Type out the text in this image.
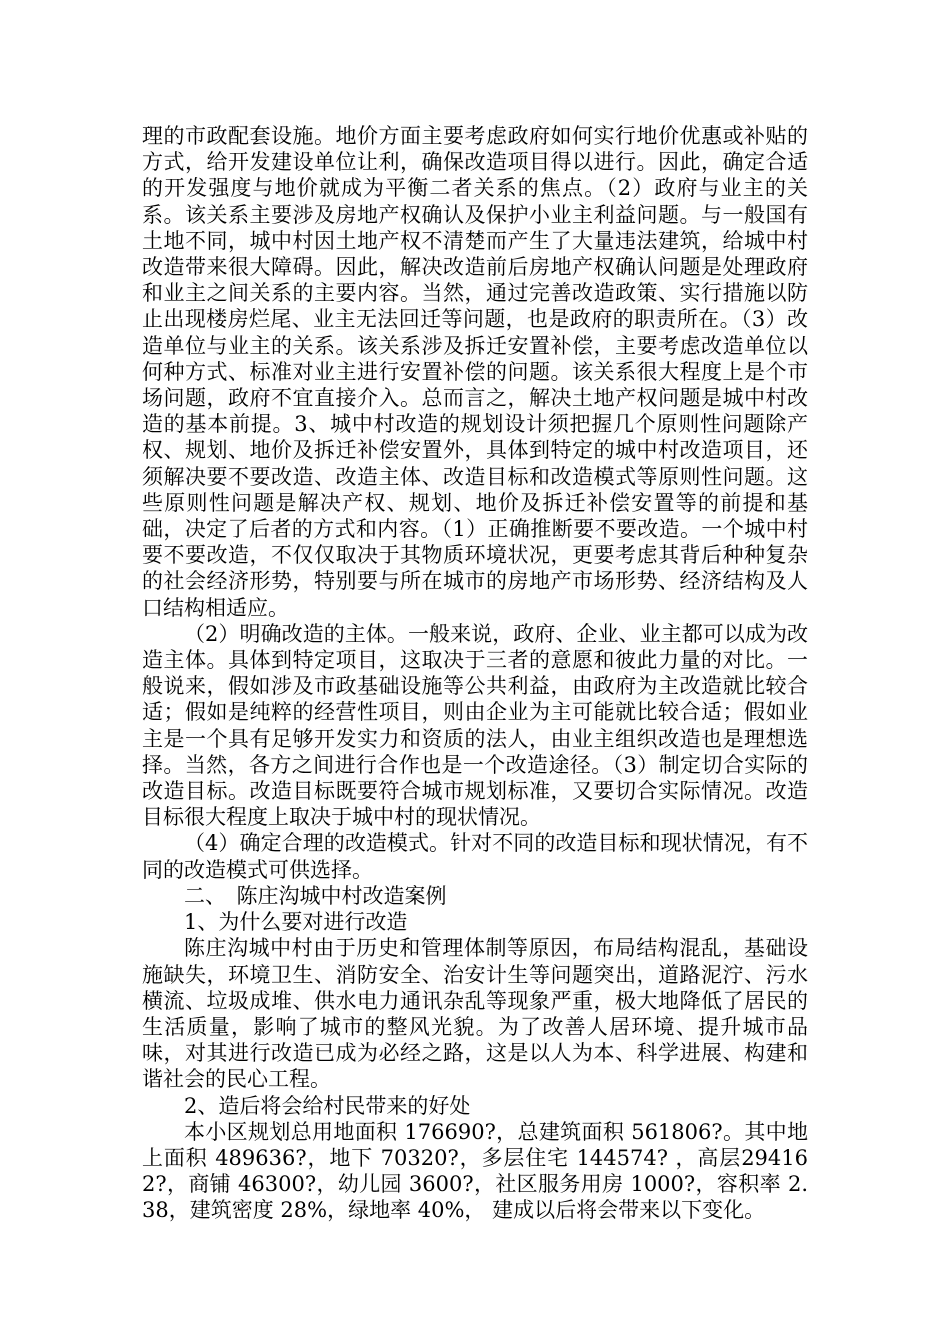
理的市政配套设施。地价方面主要考虑政府如何实行地价优惠或补贴的方式，给开发建设单位让利，确保改造项目得以进行。因此，确定合适的开发强度与地价就成为平衡二者关系的焦点。（2）政府与业主的关系。该关系主要涉及房地产权确认及保护小业主利益问题。与一般国有土地不同，城中村因土地产权不清楚而产生了大量违法建筑，给城中村改造带来很大障碍。因此，解决改造前后房地产权确认问题是处理政府和业主之间关系的主要内容。当然，通过完善改造政策、实行措施以防止出现楼房烂尾、业主无法回迁等问题，也是政府的职责所在。（3）改造单位与业主的关系。该关系涉及拆迁安置补偿，主要考虑改造单位以何种方式、标准对业主进行安置补偿的问题。该关系很大程度上是个市场问题，政府不宜直接介入。总而言之，解决土地产权问题是城中村改造的基本前提。3、城中村改造的规划设计须把握几个原则性问题除产权、规划、地价及拆迁补偿安置外，具体到特定的城中村改造项目，还须解决要不要改造、改造主体、改造目标和改造模式等原则性问题。这些原则性问题是解决产权、规划、地价及拆迁补偿安置等的前提和基础，决定了后者的方式和内容。（1）正确推断要不要改造。一个城中村要不要改造，不仅仅取决于其物质环境状况，更要考虑其背后种种复杂的社会经济形势，特别要与所在城市的房地产市场形势、经济结构及人口结构相适应。

（2）明确改造的主体。一般来说，政府、企业、业主都可以成为改造主体。具体到特定项目，这取决于三者的意愿和彼此力量的对比。一般说来，假如涉及市政基础设施等公共利益，由政府为主改造就比较合适；假如是纯粹的经营性项目，则由企业为主可能就比较合适；假如业主是一个具有足够开发实力和资质的法人，由业主组织改造也是理想选择。当然，各方之间进行合作也是一个改造途径。（3）制定切合实际的改造目标。改造目标既要符合城市规划标准，又要切合实际情况。改造目标很大程度上取决于城中村的现状情况。

（4）确定合理的改造模式。针对不同的改造目标和现状情况，有不同的改造模式可供选择。

二、　陈庄沟城中村改造案例

1、为什么要对进行改造

陈庄沟城中村由于历史和管理体制等原因，布局结构混乱，基础设施缺失，环境卫生、消防安全、治安计生等问题突出，道路泥泞、污水横流、垃圾成堆、供水电力通讯杂乱等现象严重，极大地降低了居民的生活质量，影响了城市的整风光貌。为了改善人居环境、提升城市品味，对其进行改造已成为必经之路，这是以人为本、科学进展、构建和谐社会的民心工程。

2、造后将会给村民带来的好处

本小区规划总用地面积 176690?，总建筑面积 561806?。其中地上面积 489636?，地下 70320?，多层住宅 144574? ，高层294162?，商铺 46300?，幼儿园 3600?，社区服务用房 1000?，容积率 2.38，建筑密度 28%，绿地率 40%， 建成以后将会带来以下变化。
